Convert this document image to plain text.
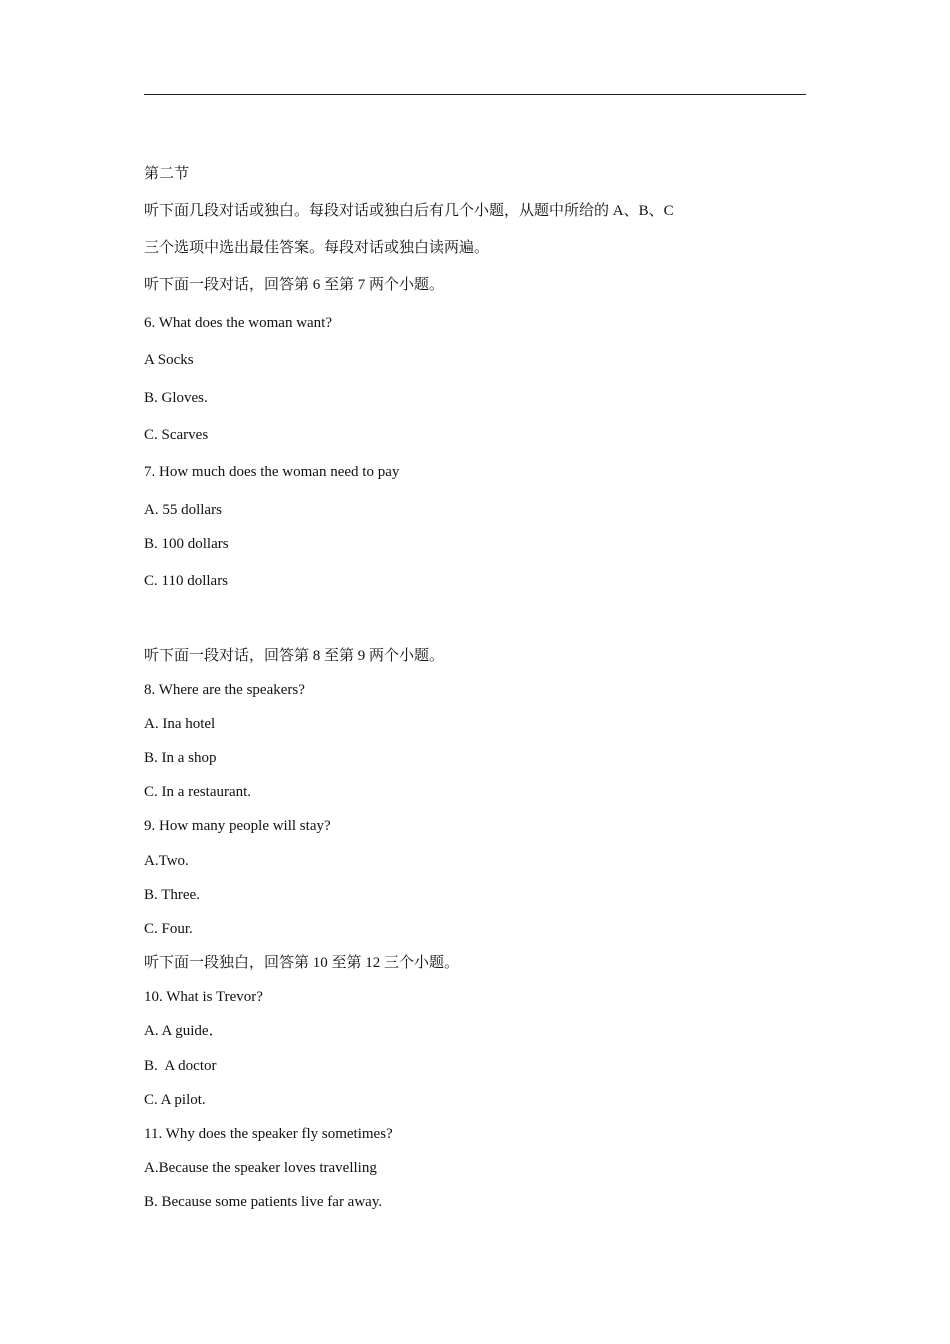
第二节
听下面几段对话或独白。每段对话或独白后有几个小题，从题中所给的 A、B、C
三个选项中选出最佳答案。每段对话或独白读两遍。
听下面一段对话，回答第 6 至第 7 两个小题。
6. What does the woman want?
A Socks
B. Gloves.
C. Scarves
7. How much does the woman need to pay
A. 55 dollars
B. 100 dollars
C. 110 dollars
听下面一段对话，回答第 8 至第 9 两个小题。
8. Where are the speakers?
A. Ina hotel
B. In a shop
C. In a restaurant.
9. How many people will stay?
A.Two.
B. Three.
C. Four.
听下面一段独白，回答第 10 至第 12 三个小题。
10. What is Trevor?
A. A guide．
B.  A doctor
C. A pilot.
11. Why does the speaker fly sometimes?
A.Because the speaker loves travelling
B. Because some patients live far away.
